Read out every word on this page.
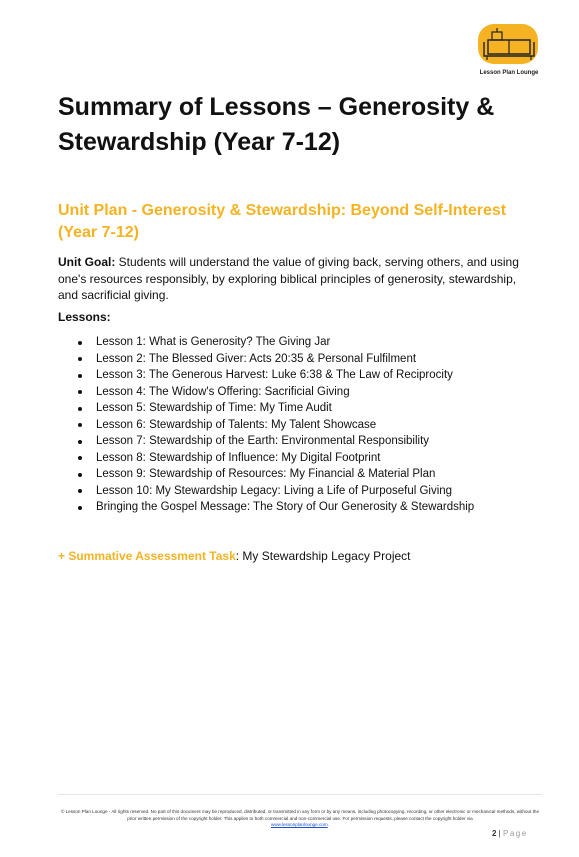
Lesson Plan Lounge
Summary of Lessons – Generosity & Stewardship (Year 7-12)
Unit Plan - Generosity & Stewardship: Beyond Self-Interest (Year 7-12)

Unit Goal: Students will understand the value of giving back, serving others, and using one's resources responsibly, by exploring biblical principles of generosity, stewardship, and sacrificial giving.

Lessons:

Lesson 1: What is Generosity? The Giving Jar
Lesson 2: The Blessed Giver: Acts 20:35 & Personal Fulfilment
Lesson 3: The Generous Harvest: Luke 6:38 & The Law of Reciprocity
Lesson 4: The Widow's Offering: Sacrificial Giving
Lesson 5: Stewardship of Time: My Time Audit
Lesson 6: Stewardship of Talents: My Talent Showcase
Lesson 7: Stewardship of the Earth: Environmental Responsibility
Lesson 8: Stewardship of Influence: My Digital Footprint
Lesson 9: Stewardship of Resources: My Financial & Material Plan
Lesson 10: My Stewardship Legacy: Living a Life of Purposeful Giving
Bringing the Gospel Message: The Story of Our Generosity & Stewardship

+ Summative Assessment Task: My Stewardship Legacy Project

© Lesson Plan Lounge - All rights reserved. No part of this document may be reproduced, distributed, or transmitted in any form or by any means, including photocopying, recording, or other electronic or mechanical methods, without the prior written permission of the copyright holder. This applies to both commercial and non-commercial use. For permission requests, please contact the copyright holder via
www.lessonplanlounge.com.

2 | Page
